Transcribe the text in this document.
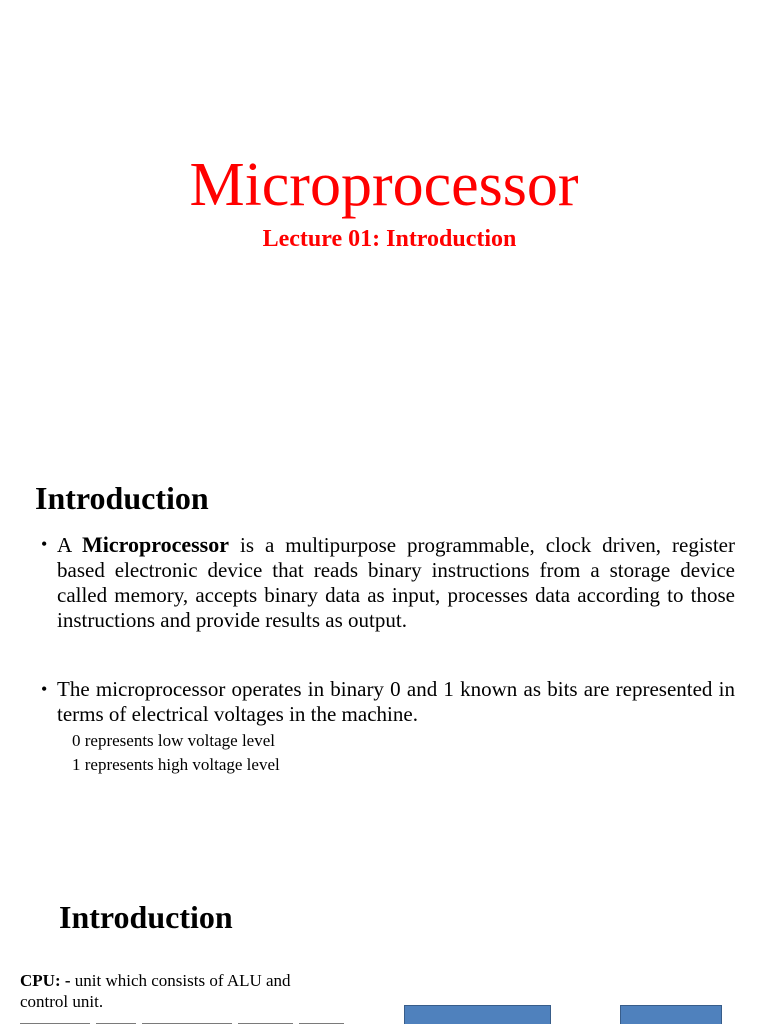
Microprocessor
Lecture 01: Introduction
Introduction
• A Microprocessor is a multipurpose programmable, clock driven, register based electronic device that reads binary instructions from a storage device called memory, accepts binary data as input, processes data according to those instructions and provide results as output.
• The microprocessor operates in binary 0 and 1 known as bits are represented in terms of electrical voltages in the machine.
0 represents low voltage level
1 represents high voltage level
Introduction
CPU: - unit which consists of ALU and control unit.
